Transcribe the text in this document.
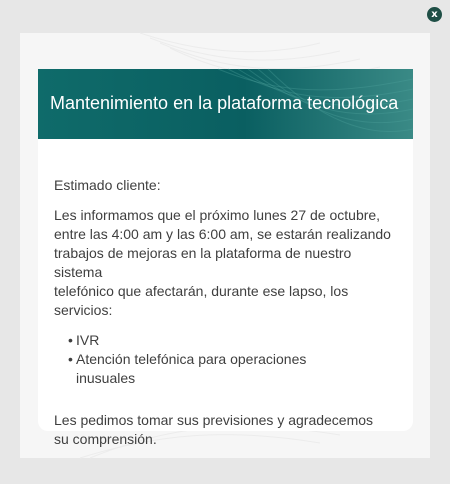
x
Mantenimiento en la plataforma tecnológica

Estimado cliente:

Les informamos que el próximo lunes 27 de octubre,
entre las 4:00 am y las 6:00 am, se estarán realizando
trabajos de mejoras en la plataforma de nuestro sistema
telefónico que afectarán, durante ese lapso, los servicios:

• IVR
• Atención telefónica para operaciones
inusuales

Les pedimos tomar sus previsiones y agradecemos
su comprensión.
